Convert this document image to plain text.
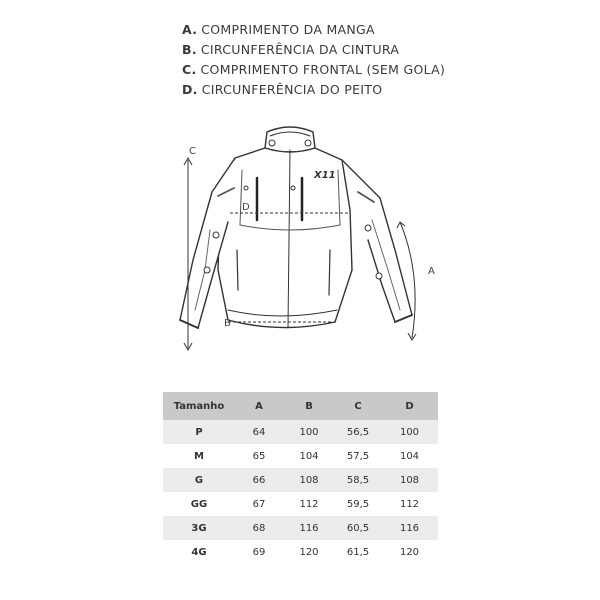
A. COMPRIMENTO DA MANGA
B. CIRCUNFERÊNCIA DA CINTURA
C. COMPRIMENTO FRONTAL (SEM GOLA)
D. CIRCUNFERÊNCIA DO PEITO
X11
C
D
B
A
Tamanho	A	B	C	D
P	64	100	56,5	100
M	65	104	57,5	104
G	66	108	58,5	108
GG	67	112	59,5	112
3G	68	116	60,5	116
4G	69	120	61,5	120
